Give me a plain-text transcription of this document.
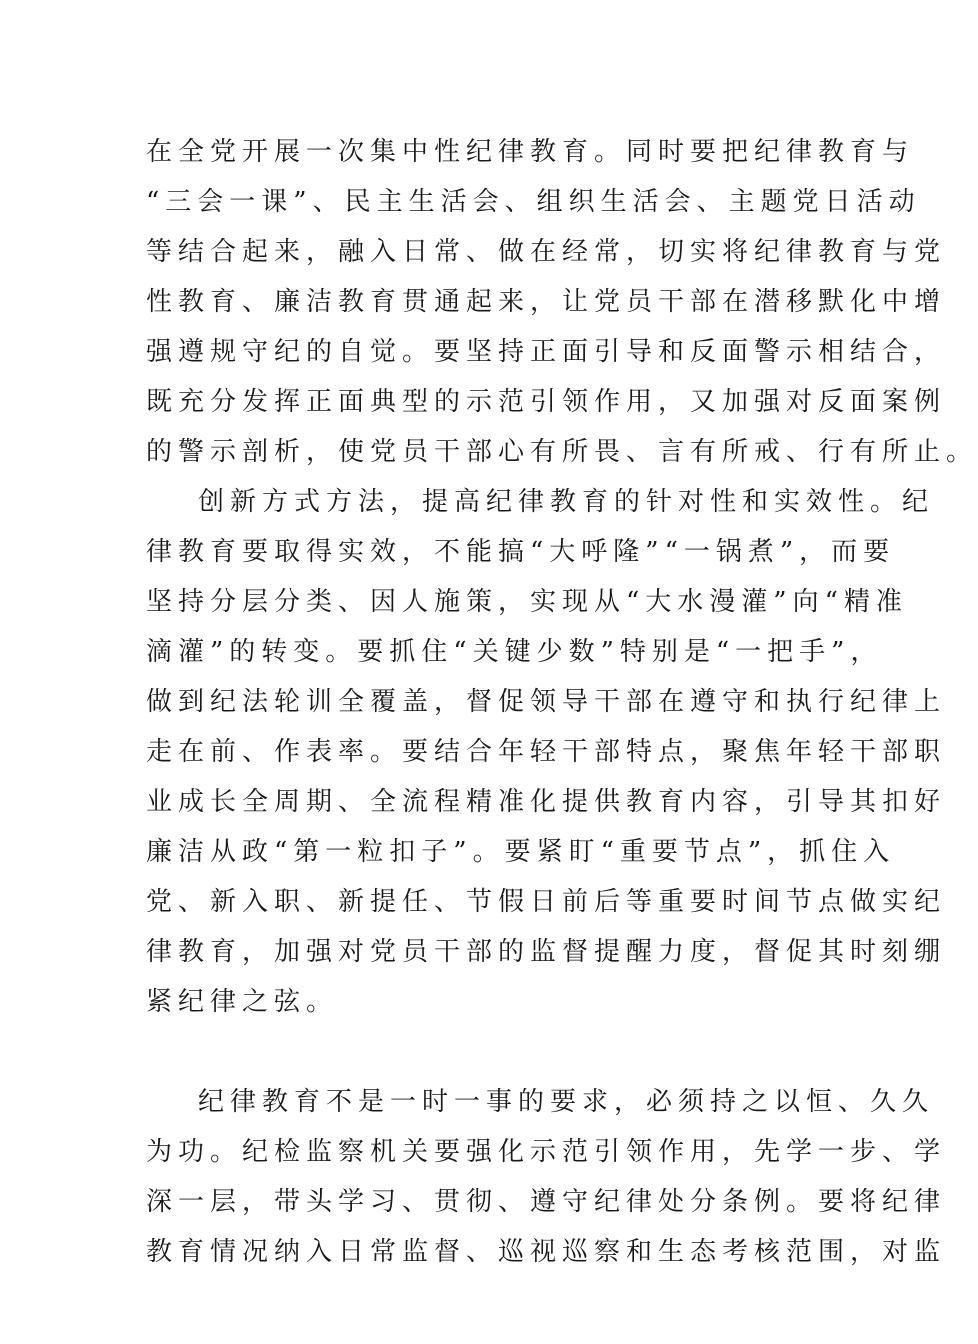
在全党开展一次集中性纪律教育。同时要把纪律教育与
“三会一课”、民主生活会、组织生活会、主题党日活动
等结合起来，融入日常、做在经常，切实将纪律教育与党
性教育、廉洁教育贯通起来，让党员干部在潜移默化中增
强遵规守纪的自觉。要坚持正面引导和反面警示相结合，
既充分发挥正面典型的示范引领作用，又加强对反面案例
的警示剖析，使党员干部心有所畏、言有所戒、行有所止。
创新方式方法，提高纪律教育的针对性和实效性。纪
律教育要取得实效，不能搞“大呼隆”“一锅煮”，而要
坚持分层分类、因人施策，实现从“大水漫灌”向“精准
滴灌”的转变。要抓住“关键少数”特别是“一把手”，
做到纪法轮训全覆盖，督促领导干部在遵守和执行纪律上
走在前、作表率。要结合年轻干部特点，聚焦年轻干部职
业成长全周期、全流程精准化提供教育内容，引导其扣好
廉洁从政“第一粒扣子”。要紧盯“重要节点”，抓住入
党、新入职、新提任、节假日前后等重要时间节点做实纪
律教育，加强对党员干部的监督提醒力度，督促其时刻绷
紧纪律之弦。
纪律教育不是一时一事的要求，必须持之以恒、久久
为功。纪检监察机关要强化示范引领作用，先学一步、学
深一层，带头学习、贯彻、遵守纪律处分条例。要将纪律
教育情况纳入日常监督、巡视巡察和生态考核范围，对监
